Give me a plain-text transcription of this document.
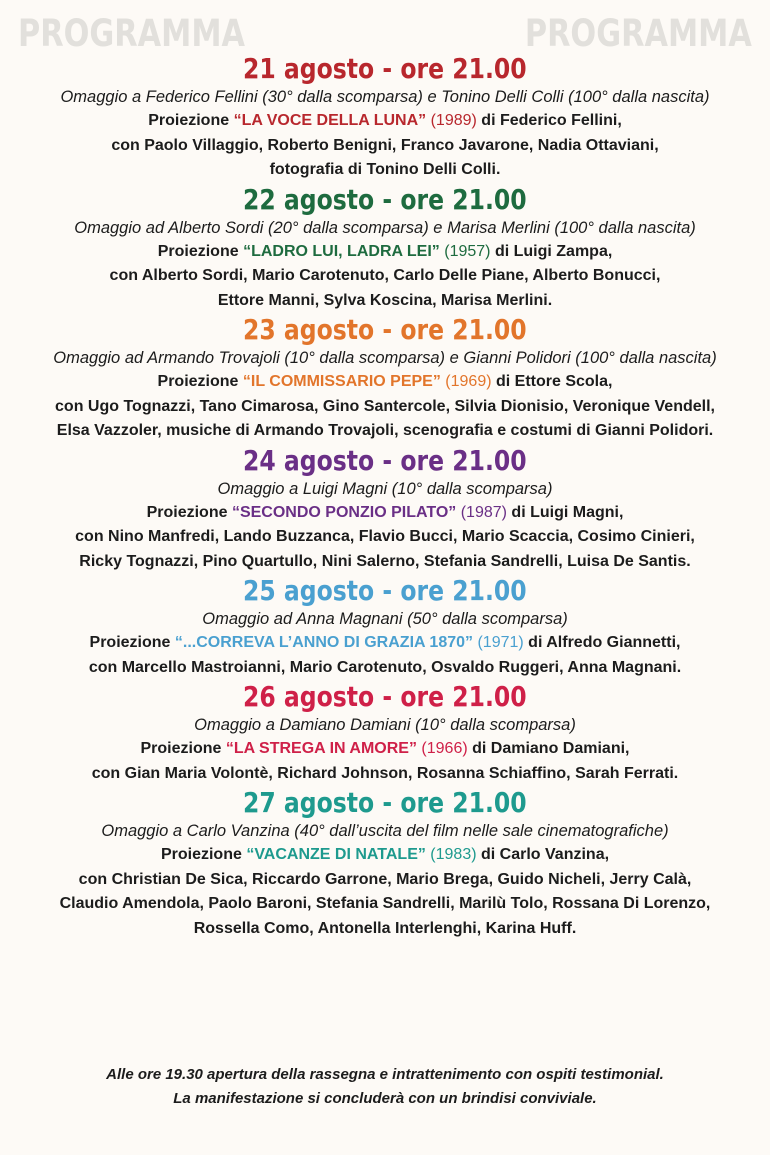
PROGRAMMA	PROGRAMMA
21 agosto - ore 21.00
Omaggio a Federico Fellini (30° dalla scomparsa) e Tonino Delli Colli (100° dalla nascita)
Proiezione “LA VOCE DELLA LUNA” (1989) di Federico Fellini,
con Paolo Villaggio, Roberto Benigni, Franco Javarone, Nadia Ottaviani,
fotografia di Tonino Delli Colli.
22 agosto - ore 21.00
Omaggio ad Alberto Sordi (20° dalla scomparsa) e Marisa Merlini (100° dalla nascita)
Proiezione “LADRO LUI, LADRA LEI” (1957) di Luigi Zampa,
con Alberto Sordi, Mario Carotenuto, Carlo Delle Piane, Alberto Bonucci,
Ettore Manni, Sylva Koscina, Marisa Merlini.
23 agosto - ore 21.00
Omaggio ad Armando Trovajoli (10° dalla scomparsa) e Gianni Polidori (100° dalla nascita)
Proiezione “IL COMMISSARIO PEPE” (1969) di Ettore Scola,
con Ugo Tognazzi, Tano Cimarosa, Gino Santercole, Silvia Dionisio, Veronique Vendell,
Elsa Vazzoler, musiche di Armando Trovajoli, scenografia e costumi di Gianni Polidori.
24 agosto - ore 21.00
Omaggio a Luigi Magni (10° dalla scomparsa)
Proiezione “SECONDO PONZIO PILATO” (1987) di Luigi Magni,
con Nino Manfredi, Lando Buzzanca, Flavio Bucci, Mario Scaccia, Cosimo Cinieri,
Ricky Tognazzi, Pino Quartullo, Nini Salerno, Stefania Sandrelli, Luisa De Santis.
25 agosto - ore 21.00
Omaggio ad Anna Magnani (50° dalla scomparsa)
Proiezione “...CORREVA L’ANNO DI GRAZIA 1870” (1971) di Alfredo Giannetti,
con Marcello Mastroianni, Mario Carotenuto, Osvaldo Ruggeri, Anna Magnani.
26 agosto - ore 21.00
Omaggio a Damiano Damiani (10° dalla scomparsa)
Proiezione “LA STREGA IN AMORE” (1966) di Damiano Damiani,
con Gian Maria Volontè, Richard Johnson, Rosanna Schiaffino, Sarah Ferrati.
27 agosto - ore 21.00
Omaggio a Carlo Vanzina (40° dall’uscita del film nelle sale cinematografiche)
Proiezione “VACANZE DI NATALE” (1983) di Carlo Vanzina,
con Christian De Sica, Riccardo Garrone, Mario Brega, Guido Nicheli, Jerry Calà,
Claudio Amendola, Paolo Baroni, Stefania Sandrelli, Marilù Tolo, Rossana Di Lorenzo,
Rossella Como, Antonella Interlenghi, Karina Huff.
Alle ore 19.30 apertura della rassegna e intrattenimento con ospiti testimonial.
La manifestazione si concluderà con un brindisi conviviale.
